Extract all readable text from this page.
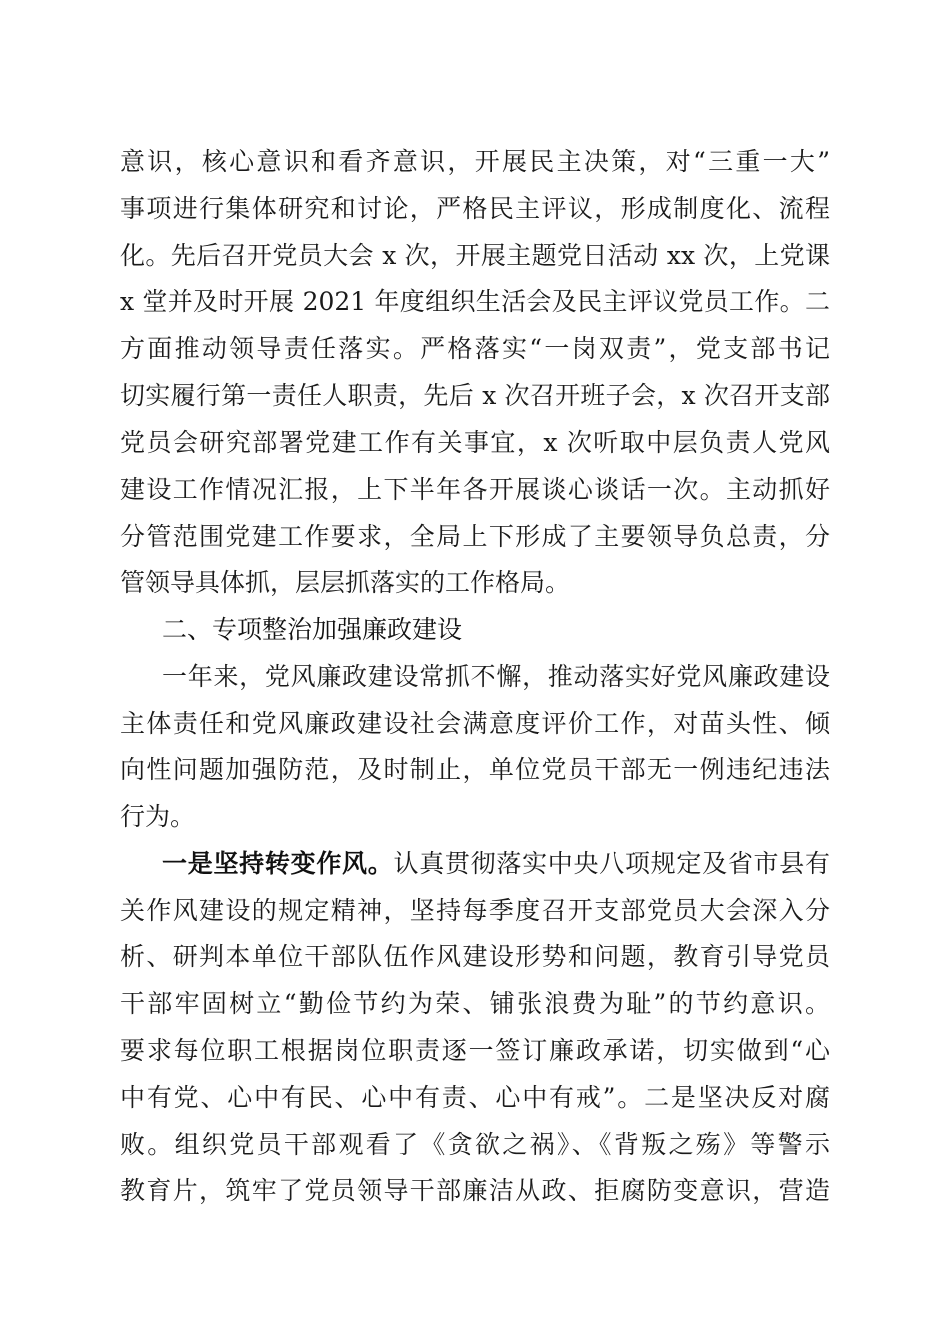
意识，核心意识和看齐意识，开展民主决策，对“三重一大”
事项进行集体研究和讨论，严格民主评议，形成制度化、流程
化。先后召开党员大会 x 次，开展主题党日活动 xx 次，上党课
x 堂并及时开展 2021 年度组织生活会及民主评议党员工作。二
方面推动领导责任落实。严格落实“一岗双责”，党支部书记
切实履行第一责任人职责，先后 x 次召开班子会，x 次召开支部
党员会研究部署党建工作有关事宜，x 次听取中层负责人党风
建设工作情况汇报，上下半年各开展谈心谈话一次。主动抓好
分管范围党建工作要求，全局上下形成了主要领导负总责，分
管领导具体抓，层层抓落实的工作格局。
二、专项整治加强廉政建设
一年来，党风廉政建设常抓不懈，推动落实好党风廉政建设
主体责任和党风廉政建设社会满意度评价工作，对苗头性、倾
向性问题加强防范，及时制止，单位党员干部无一例违纪违法
行为。
一是坚持转变作风。认真贯彻落实中央八项规定及省市县有
关作风建设的规定精神，坚持每季度召开支部党员大会深入分
析、研判本单位干部队伍作风建设形势和问题，教育引导党员
干部牢固树立“勤俭节约为荣、铺张浪费为耻”的节约意识。
要求每位职工根据岗位职责逐一签订廉政承诺，切实做到“心
中有党、心中有民、心中有责、心中有戒”。二是坚决反对腐
败。组织党员干部观看了《贪欲之祸》、《背叛之殇》等警示
教育片，筑牢了党员领导干部廉洁从政、拒腐防变意识，营造
